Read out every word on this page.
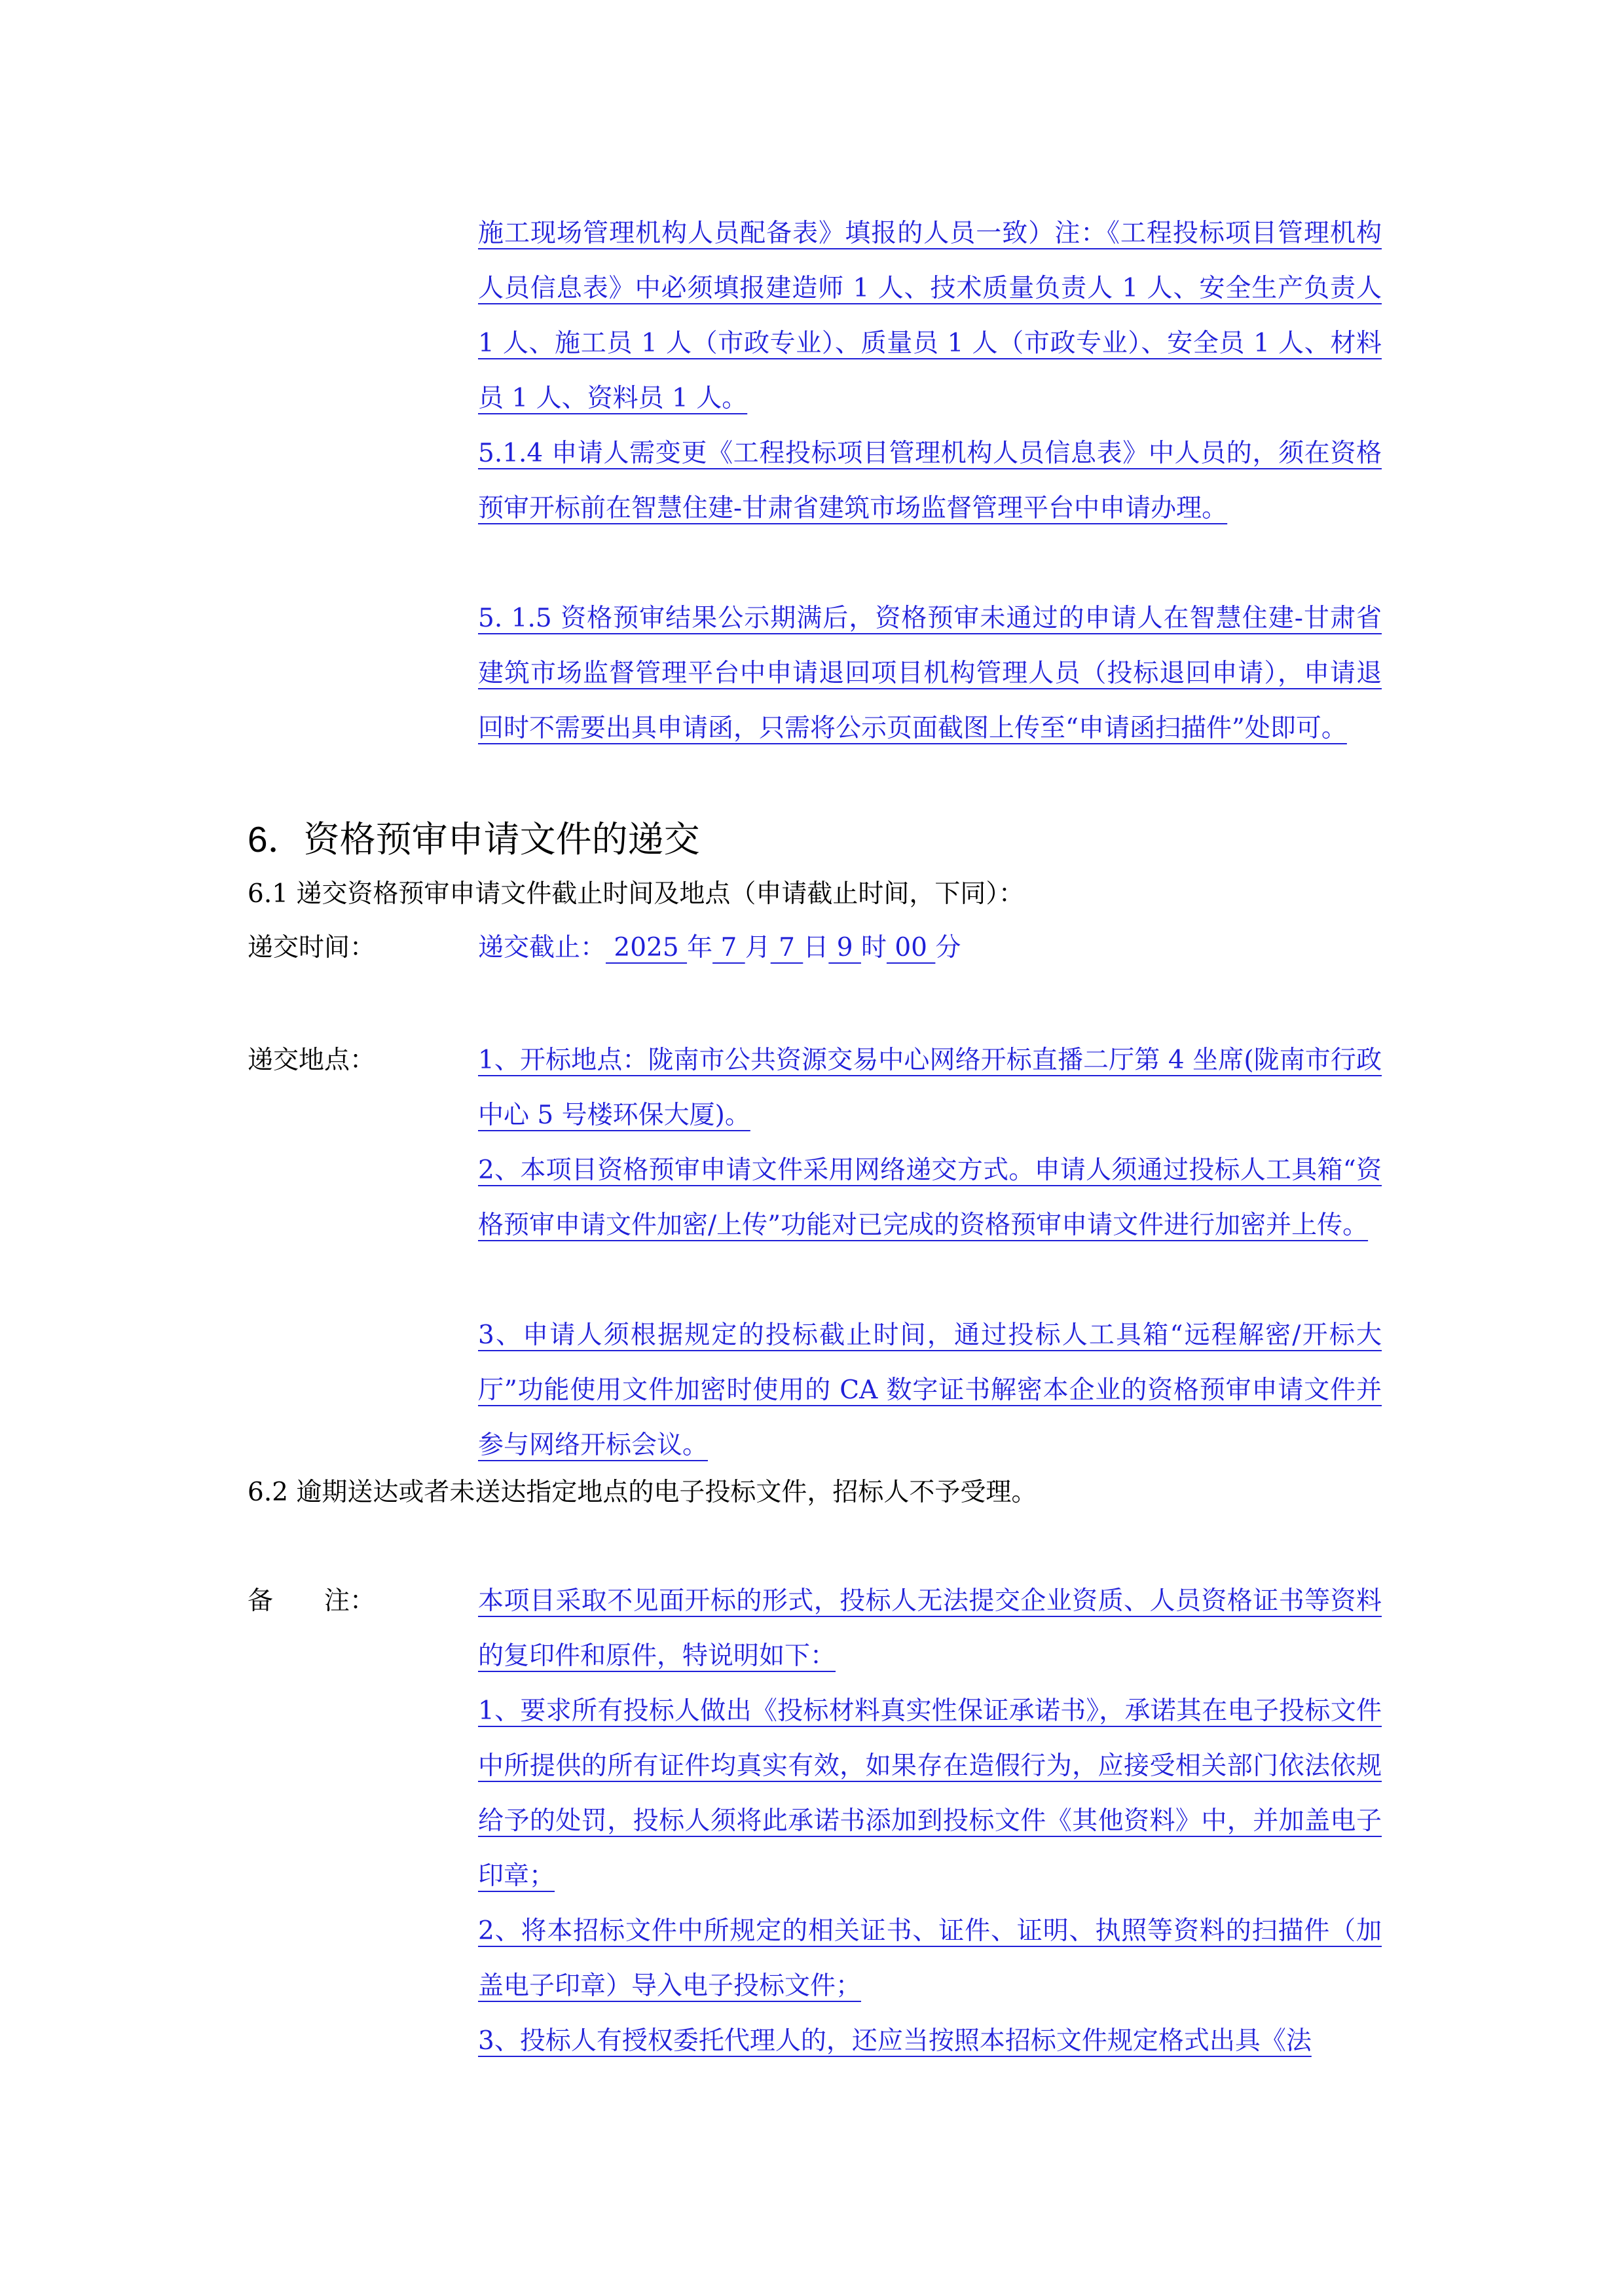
施工现场管理机构人员配备表》填报的人员一致）注：《工程投标项目管理机构人员信息表》中必须填报建造师 1 人、技术质量负责人 1 人、安全生产负责人 1 人、施工员 1 人（市政专业）、质量员 1 人（市政专业）、安全员 1 人、材料员 1 人、资料员 1 人。

5.1.4 申请人需变更《工程投标项目管理机构人员信息表》中人员的，须在资格预审开标前在智慧住建-甘肃省建筑市场监督管理平台中申请办理。

5. 1.5 资格预审结果公示期满后，资格预审未通过的申请人在智慧住建-甘肃省建筑市场监督管理平台中申请退回项目机构管理人员（投标退回申请），申请退回时不需要出具申请函，只需将公示页面截图上传至“申请函扫描件”处即可。

6．资格预审申请文件的递交

6.1 递交资格预审申请文件截止时间及地点（申请截止时间，下同）：

递交时间：	递交截止： 2025 年 7 月 7 日 9 时 00 分

递交地点：	1、开标地点：陇南市公共资源交易中心网络开标直播二厅第 4 坐席(陇南市行政中心 5 号楼环保大厦)。

2、本项目资格预审申请文件采用网络递交方式。申请人须通过投标人工具箱“资格预审申请文件加密/上传”功能对已完成的资格预审申请文件进行加密并上传。

3、申请人须根据规定的投标截止时间，通过投标人工具箱“远程解密/开标大厅”功能使用文件加密时使用的 CA 数字证书解密本企业的资格预审申请文件并参与网络开标会议。

6.2 逾期送达或者未送达指定地点的电子投标文件，招标人不予受理。

备　　注：	本项目采取不见面开标的形式，投标人无法提交企业资质、人员资格证书等资料的复印件和原件，特说明如下：

1、要求所有投标人做出《投标材料真实性保证承诺书》，承诺其在电子投标文件中所提供的所有证件均真实有效，如果存在造假行为，应接受相关部门依法依规给予的处罚，投标人须将此承诺书添加到投标文件《其他资料》中，并加盖电子印章；

2、将本招标文件中所规定的相关证书、证件、证明、执照等资料的扫描件（加盖电子印章）导入电子投标文件；

3、投标人有授权委托代理人的，还应当按照本招标文件规定格式出具《法
